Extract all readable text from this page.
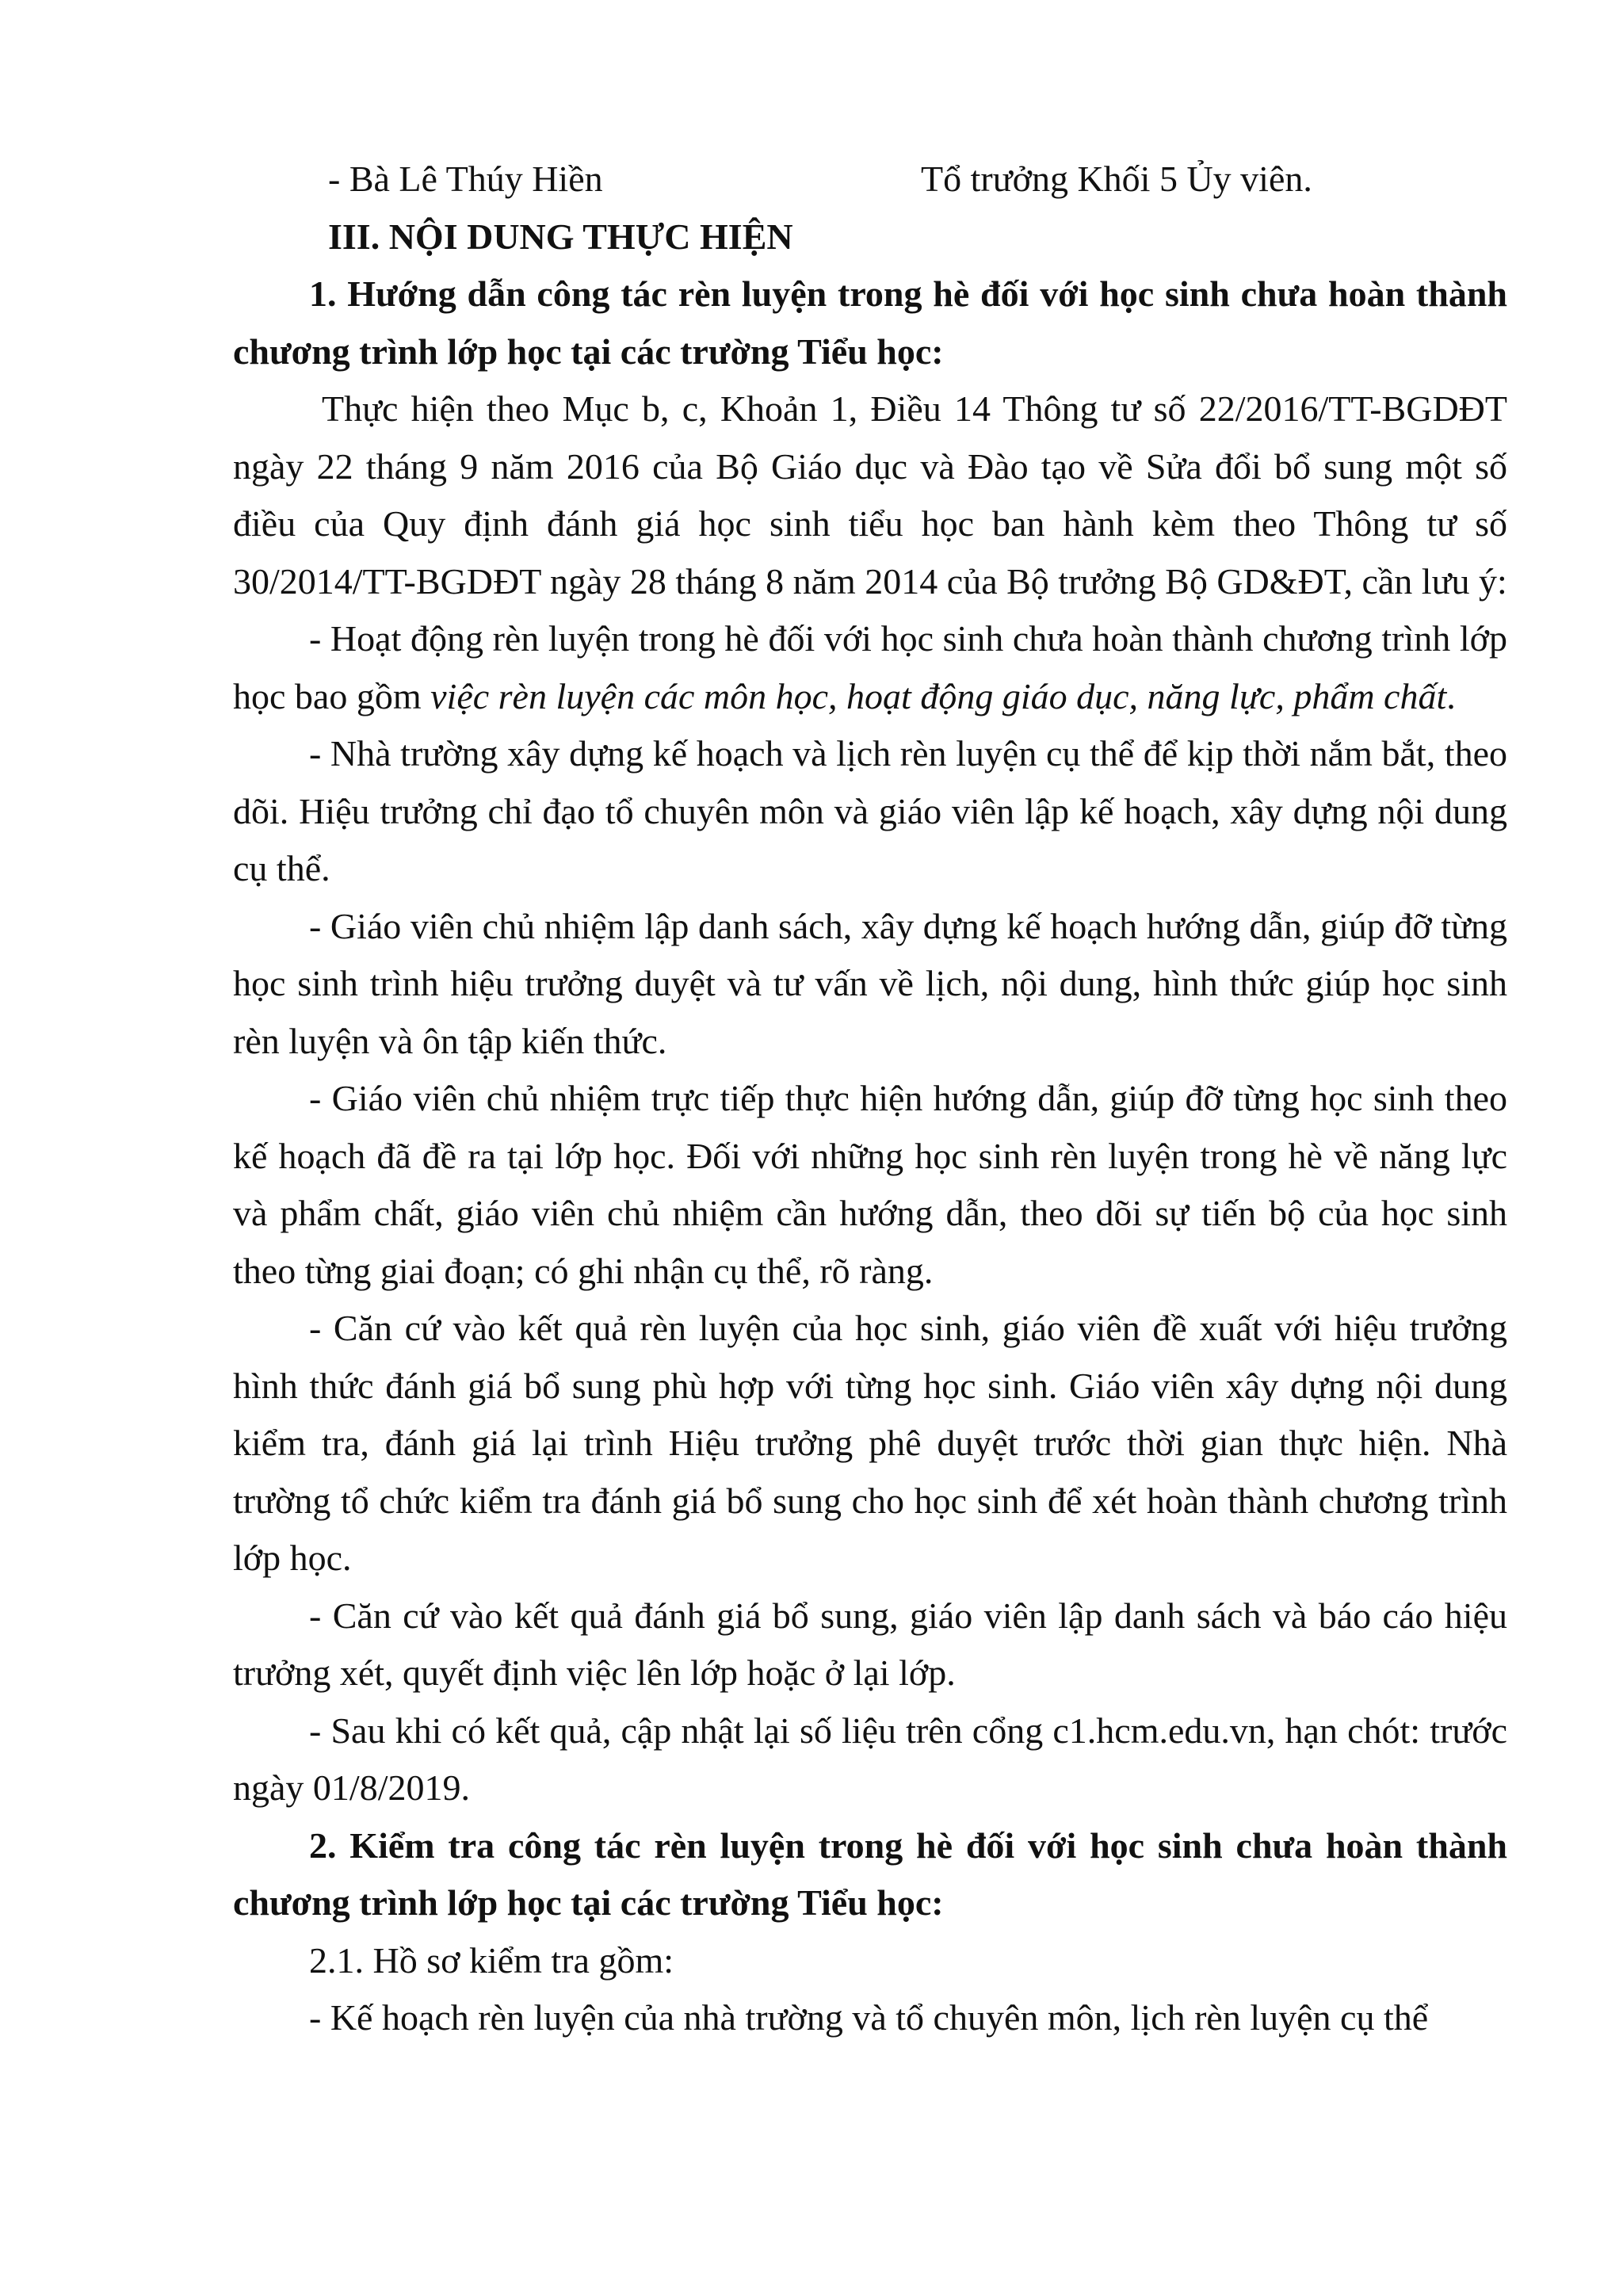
- Bà Lê Thúy Hiền	Tổ trưởng Khối 5 Ủy viên.

III. NỘI DUNG THỰC HIỆN

1. Hướng dẫn công tác rèn luyện trong hè đối với học sinh chưa hoàn thành chương trình lớp học tại các trường Tiểu học:

Thực hiện theo Mục b, c, Khoản 1, Điều 14 Thông tư số 22/2016/TT-BGDĐT ngày 22 tháng 9 năm 2016 của Bộ Giáo dục và Đào tạo về Sửa đổi bổ sung một số điều của Quy định đánh giá học sinh tiểu học ban hành kèm theo Thông tư số 30/2014/TT-BGDĐT ngày 28 tháng 8 năm 2014 của Bộ trưởng Bộ GD&ĐT, cần lưu ý:

- Hoạt động rèn luyện trong hè đối với học sinh chưa hoàn thành chương trình lớp học bao gồm việc rèn luyện các môn học, hoạt động giáo dục, năng lực, phẩm chất.

- Nhà trường xây dựng kế hoạch và lịch rèn luyện cụ thể để kịp thời nắm bắt, theo dõi. Hiệu trưởng chỉ đạo tổ chuyên môn và giáo viên lập kế hoạch, xây dựng nội dung cụ thể.

- Giáo viên chủ nhiệm lập danh sách, xây dựng kế hoạch hướng dẫn, giúp đỡ từng học sinh trình hiệu trưởng duyệt và tư vấn về lịch, nội dung, hình thức giúp học sinh rèn luyện và ôn tập kiến thức.

- Giáo viên chủ nhiệm trực tiếp thực hiện hướng dẫn, giúp đỡ từng học sinh theo kế hoạch đã đề ra tại lớp học. Đối với những học sinh rèn luyện trong hè về năng lực và phẩm chất, giáo viên chủ nhiệm cần hướng dẫn, theo dõi sự tiến bộ của học sinh theo từng giai đoạn; có ghi nhận cụ thể, rõ ràng.

- Căn cứ vào kết quả rèn luyện của học sinh, giáo viên đề xuất với hiệu trưởng hình thức đánh giá bổ sung phù hợp với từng học sinh. Giáo viên xây dựng nội dung kiểm tra, đánh giá lại trình Hiệu trưởng phê duyệt trước thời gian thực hiện. Nhà trường tổ chức kiểm tra đánh giá bổ sung cho học sinh để xét hoàn thành chương trình lớp học.

- Căn cứ vào kết quả đánh giá bổ sung, giáo viên lập danh sách và báo cáo hiệu trưởng xét, quyết định việc lên lớp hoặc ở lại lớp.

- Sau khi có kết quả, cập nhật lại số liệu trên cổng c1.hcm.edu.vn, hạn chót: trước ngày 01/8/2019.

2. Kiểm tra công tác rèn luyện trong hè đối với học sinh chưa hoàn thành chương trình lớp học tại các trường Tiểu học:

2.1. Hồ sơ kiểm tra gồm:

- Kế hoạch rèn luyện của nhà trường và tổ chuyên môn, lịch rèn luyện cụ thể
